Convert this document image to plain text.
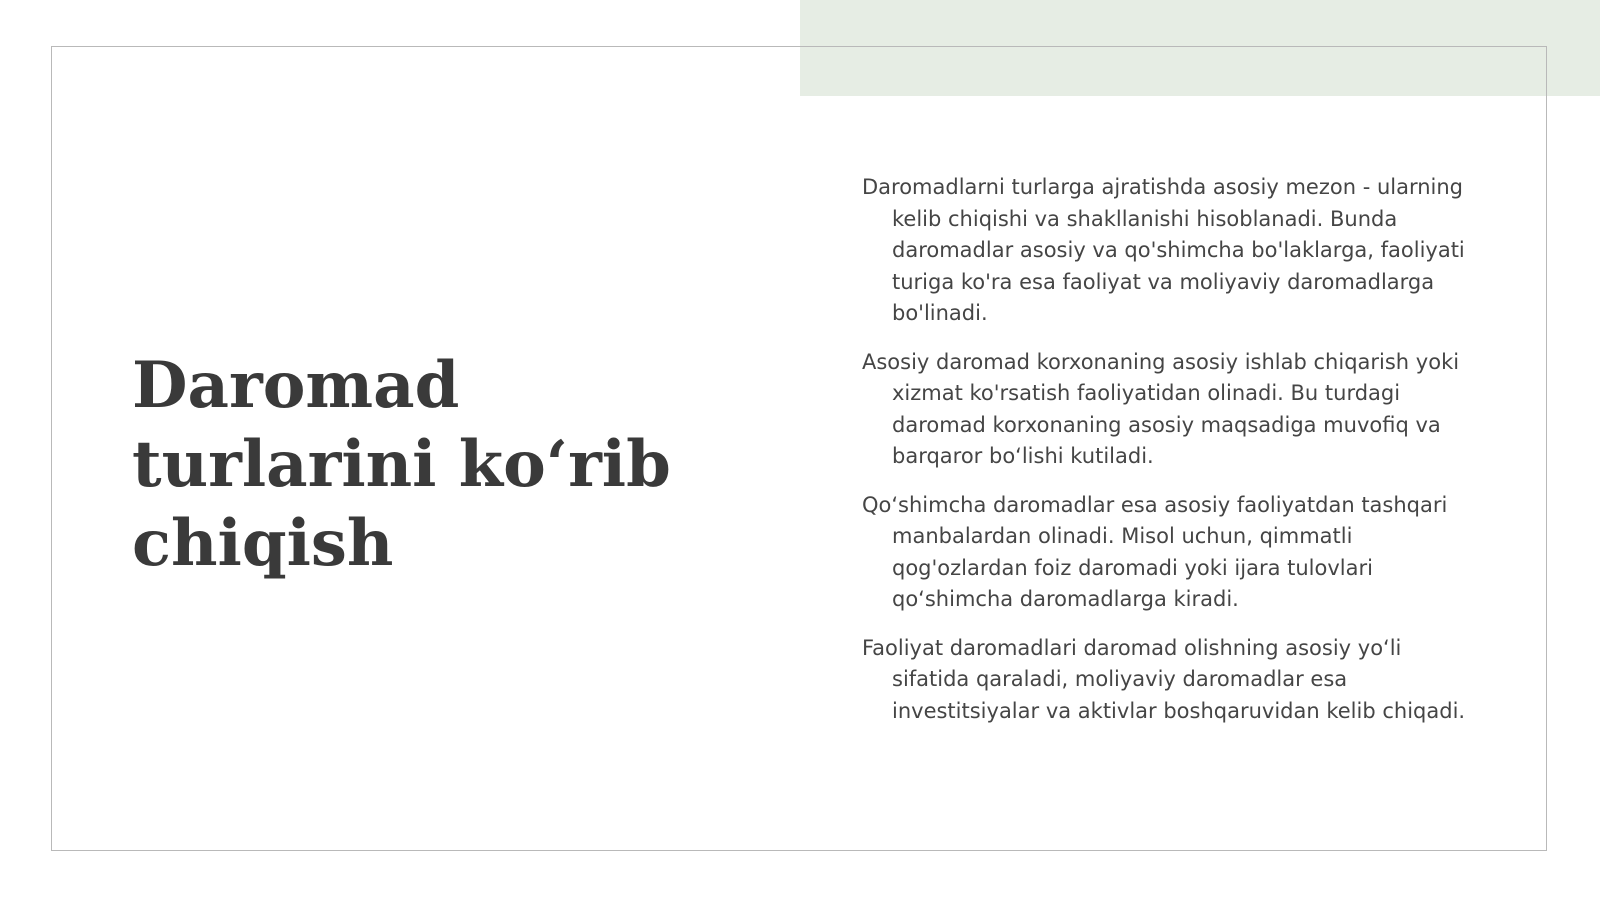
Daromad turlarini ko‘rib chiqish

Daromadlarni turlarga ajratishda asosiy mezon - ularning kelib chiqishi va shakllanishi hisoblanadi. Bunda daromadlar asosiy va qo'shimcha bo'laklarga, faoliyati turiga ko'ra esa faoliyat va moliyaviy daromadlarga bo'linadi.

Asosiy daromad korxonaning asosiy ishlab chiqarish yoki xizmat ko'rsatish faoliyatidan olinadi. Bu turdagi daromad korxonaning asosiy maqsadiga muvofiq va barqaror bo‘lishi kutiladi.

Qo‘shimcha daromadlar esa asosiy faoliyatdan tashqari manbalardan olinadi. Misol uchun, qimmatli qog'ozlardan foiz daromadi yoki ijara tulovlari qo‘shimcha daromadlarga kiradi.

Faoliyat daromadlari daromad olishning asosiy yo‘li sifatida qaraladi, moliyaviy daromadlar esa investitsiyalar va aktivlar boshqaruvidan kelib chiqadi.
